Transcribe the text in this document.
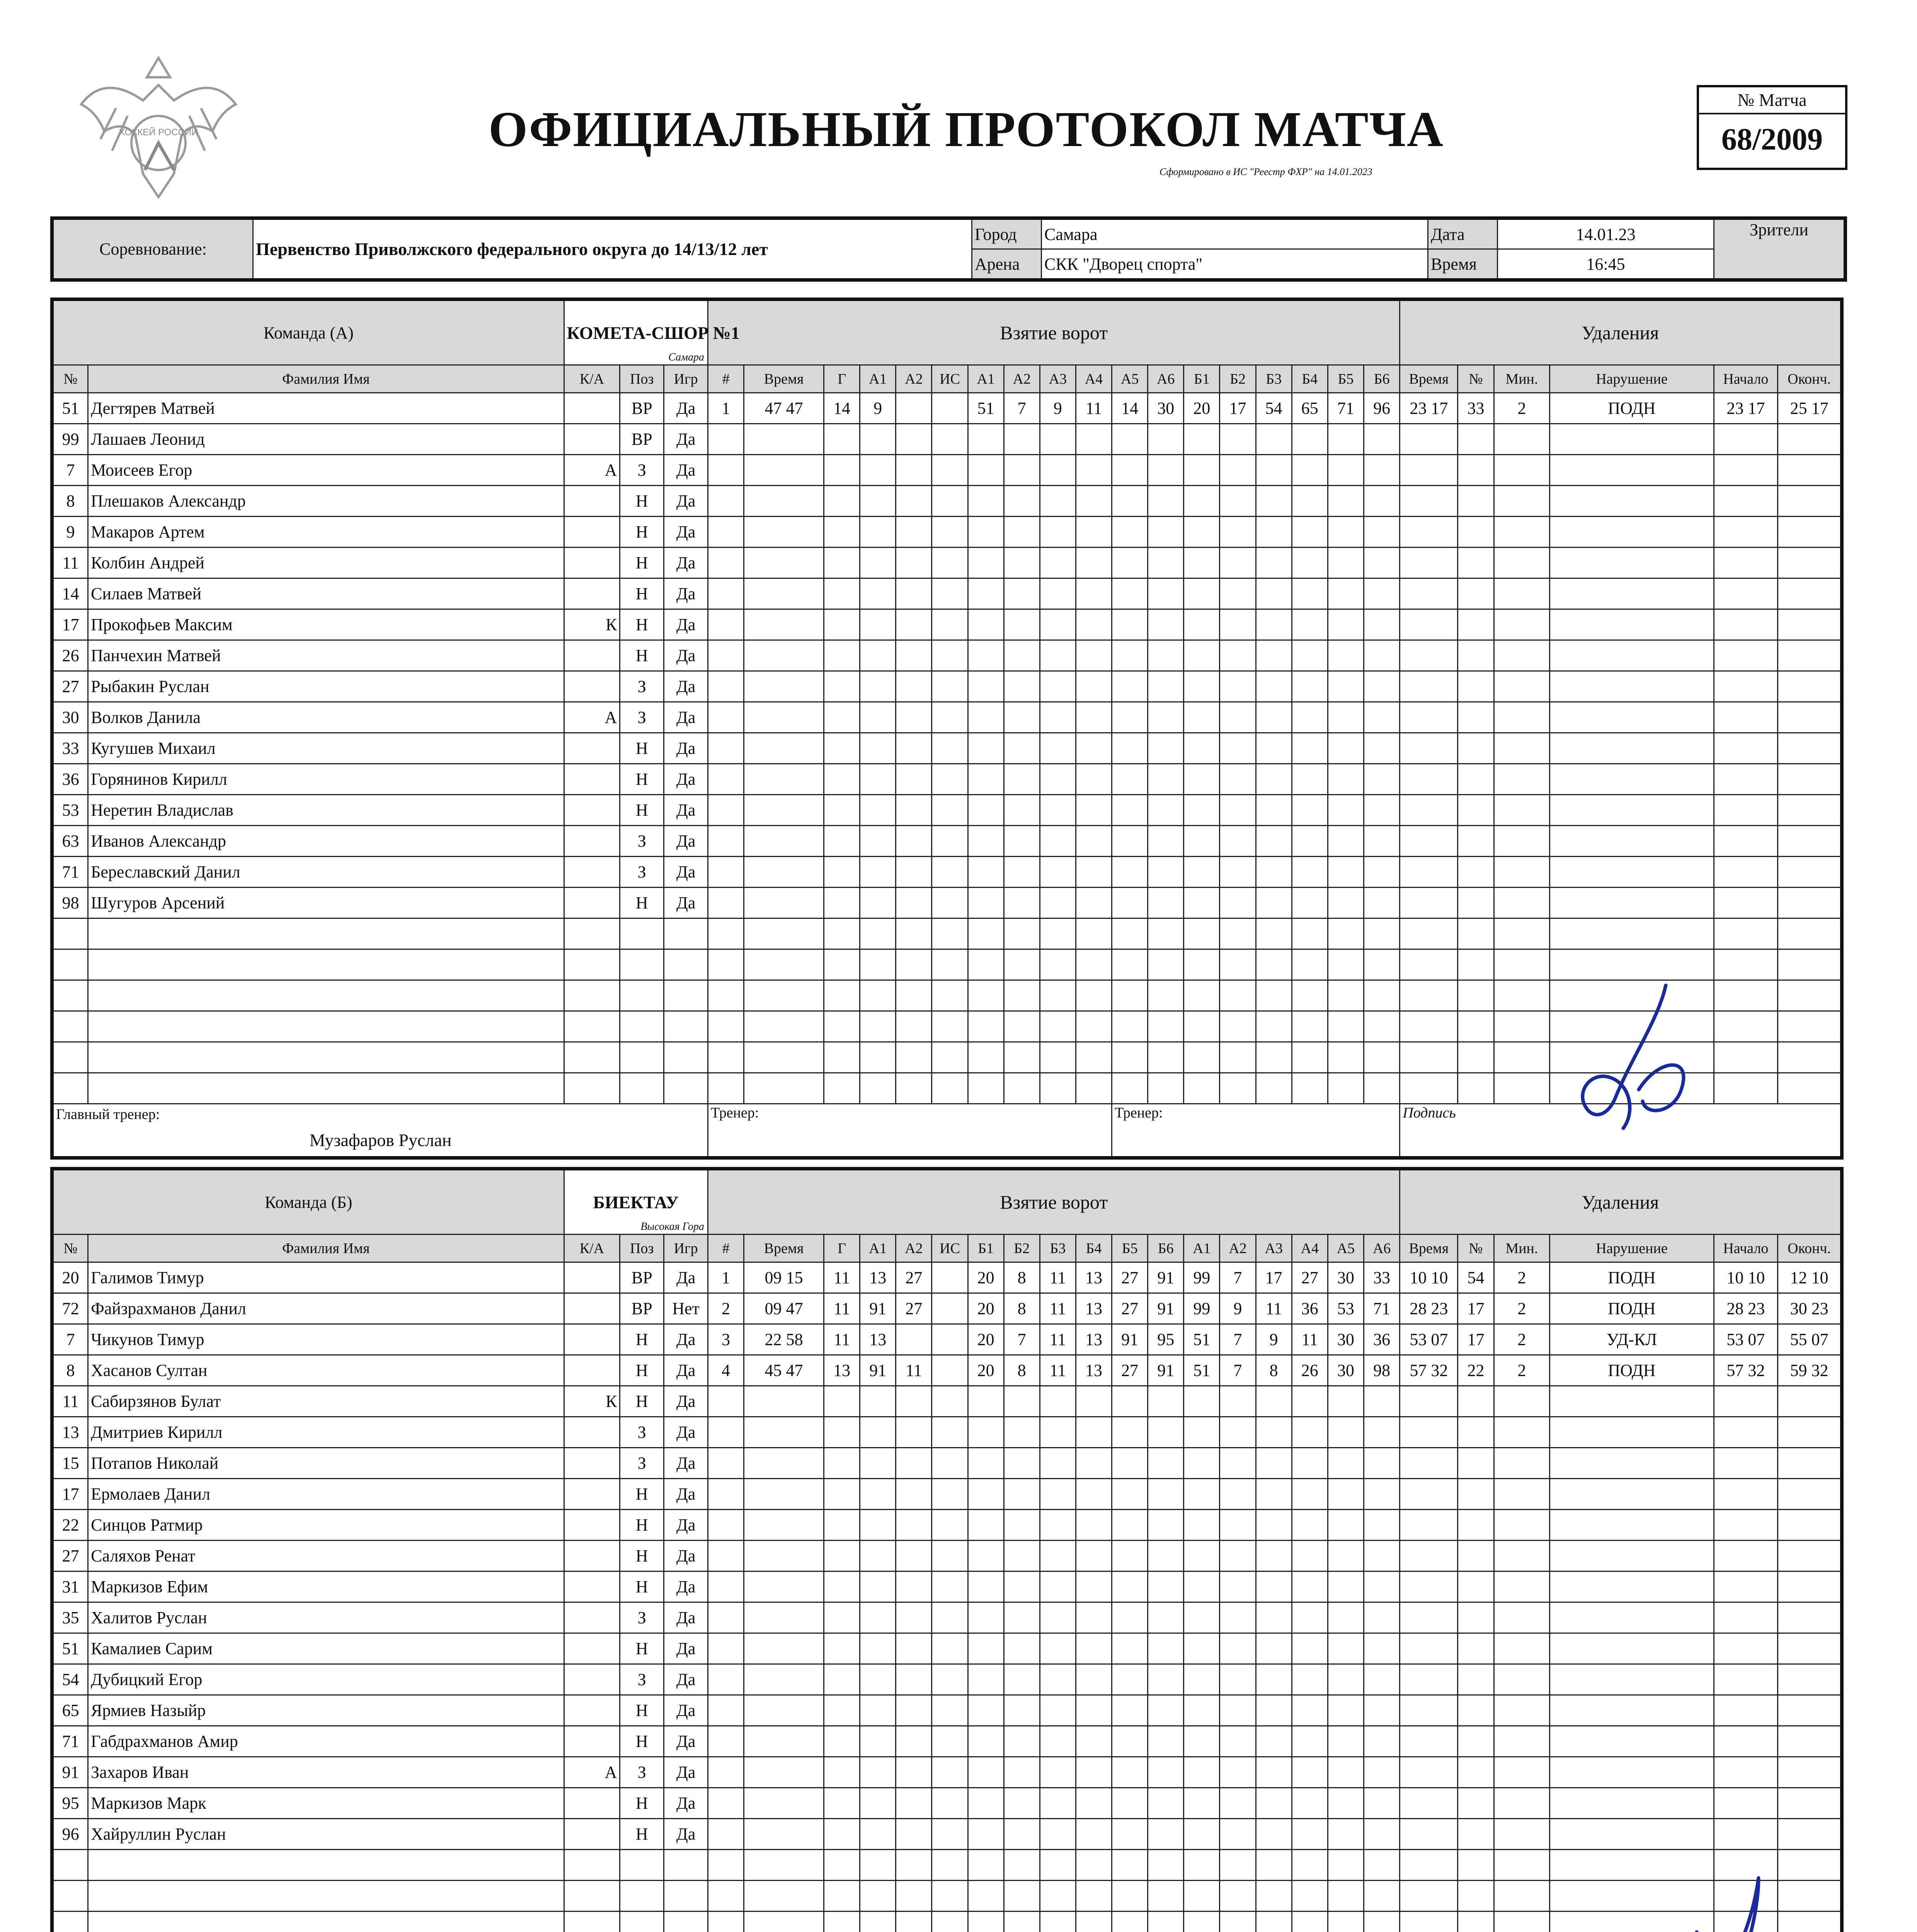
ХОККЕЙ РОССИИ	ОФИЦИАЛЬНЫЙ ПРОТОКОЛ МАТЧА
Сформировано в ИС "Реестр ФХР" на 14.01.2023
№ Матча
68/2009
Соревнование:	Первенство Приволжского федерального округа до 14/13/12 лет	Город	Самара	Дата	14.01.23	Зрители
		Арена	СКК "Дворец спорта"	Время	16:45	
Команда (А)		КОМЕТА-СШОР №1
Самара			Взятие ворот																		Удаления					
№	Фамилия Имя	К/А	Поз	Игр	#	Время	Г	А1	А2	ИС	А1	А2	А3	А4	А5	А6	Б1	Б2	Б3	Б4	Б5	Б6	Время	№	Мин.	Нарушение	Начало	Оконч.
51	Дегтярев Матвей		ВР	Да	1	47 47	14	9			51	7	9	11	14	30	20	17	54	65	71	96	23 17	33	2	ПОДН	23 17	25 17
99	Лашаев Леонид		ВР	Да																								
7	Моисеев Егор	А	З	Да																								
8	Плешаков Александр		Н	Да																								
9	Макаров Артем		Н	Да																								
11	Колбин Андрей		Н	Да																								
14	Силаев Матвей		Н	Да																								
17	Прокофьев Максим	К	Н	Да																								
26	Панчехин Матвей		Н	Да																								
27	Рыбакин Руслан		З	Да																								
30	Волков Данила	А	З	Да																								
33	Кугушев Михаил		Н	Да																								
36	Горянинов Кирилл		Н	Да																								
53	Неретин Владислав		Н	Да																								
63	Иванов Александр		З	Да																								
71	Береславский Данил		З	Да																								
98	Шугуров Арсений		Н	Да																								

Главный тренер:
Музафаров Руслан					Тренер:										Тренер:								Подпись					
Команда (Б)		БИЕКТАУ
Высокая Гора			Взятие ворот																		Удаления					
№	Фамилия Имя	К/А	Поз	Игр	#	Время	Г	А1	А2	ИС	Б1	Б2	Б3	Б4	Б5	Б6	А1	А2	А3	А4	А5	А6	Время	№	Мин.	Нарушение	Начало	Оконч.
20	Галимов Тимур		ВР	Да	1	09 15	11	13	27		20	8	11	13	27	91	99	7	17	27	30	33	10 10	54	2	ПОДН	10 10	12 10
72	Файзрахманов Данил		ВР	Нет	2	09 47	11	91	27		20	8	11	13	27	91	99	9	11	36	53	71	28 23	17	2	ПОДН	28 23	30 23
7	Чикунов Тимур		Н	Да	3	22 58	11	13			20	7	11	13	91	95	51	7	9	11	30	36	53 07	17	2	УД-КЛ	53 07	55 07
8	Хасанов Султан		Н	Да	4	45 47	13	91	11		20	8	11	13	27	91	51	7	8	26	30	98	57 32	22	2	ПОДН	57 32	59 32
11	Сабирзянов Булат	К	Н	Да																								
13	Дмитриев Кирилл		З	Да																								
15	Потапов Николай		З	Да																								
17	Ермолаев Данил		Н	Да																								
22	Синцов Ратмир		Н	Да																								
27	Саляхов Ренат		Н	Да																								
31	Маркизов Ефим		Н	Да																								
35	Халитов Руслан		З	Да																								
51	Камалиев Сарим		Н	Да																								
54	Дубицкий Егор		З	Да																								
65	Ярмиев Назыйр		Н	Да																								
71	Габдрахманов Амир		Н	Да																								
91	Захаров Иван	А	З	Да																								
95	Маркизов Марк		Н	Да																								
96	Хайруллин Руслан		Н	Да																								
